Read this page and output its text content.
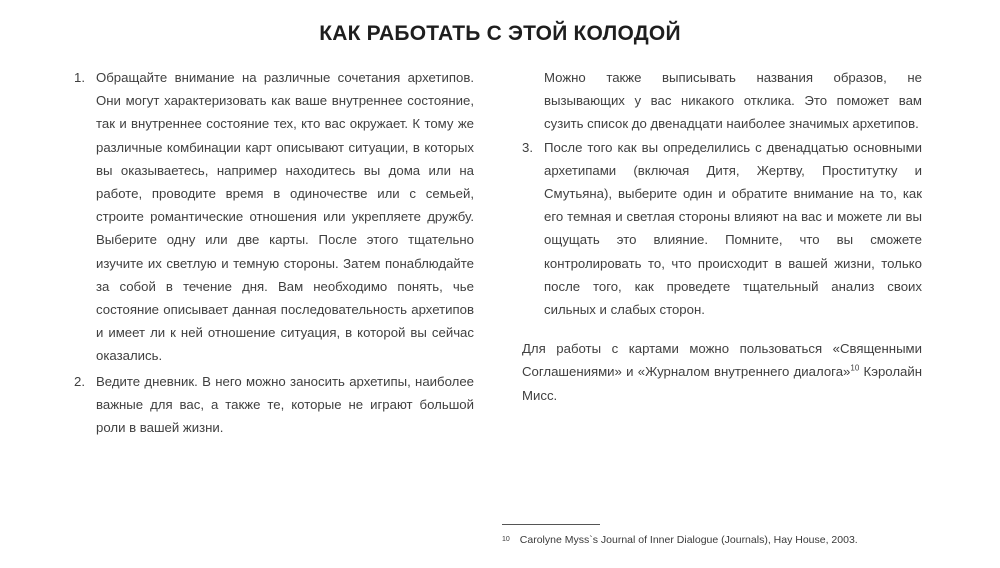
КАК РАБОТАТЬ С ЭТОЙ КОЛОДОЙ
1. Обращайте внимание на различные сочетания архетипов. Они могут характеризовать как ваше внутреннее состояние, так и внутреннее состояние тех, кто вас окружает. К тому же различные комбинации карт описывают ситуации, в которых вы оказываетесь, например находитесь вы дома или на работе, проводите время в одиночестве или с семьей, строите романтические отношения или укрепляете дружбу. Выберите одну или две карты. После этого тщательно изучите их светлую и темную стороны. Затем понаблюдайте за собой в течение дня. Вам необходимо понять, чье состояние описывает данная последовательность архетипов и имеет ли к ней отношение ситуация, в которой вы сейчас оказались.
2. Ведите дневник. В него можно заносить архетипы, наиболее важные для вас, а также те, которые не играют большой роли в вашей жизни.
Можно также выписывать названия образов, не вызывающих у вас никакого отклика. Это поможет вам сузить список до двенадцати наиболее значимых архетипов.
3. После того как вы определились с двенадцатью основными архетипами (включая Дитя, Жертву, Проститутку и Смутьяна), выберите один и обратите внимание на то, как его темная и светлая стороны влияют на вас и можете ли вы ощущать это влияние. Помните, что вы сможете контролировать то, что происходит в вашей жизни, только после того, как проведете тщательный анализ своих сильных и слабых сторон.
Для работы с картами можно пользоваться «Священными Соглашениями» и «Журналом внутреннего диалога»$^{10}$ Кэролайн Мисс.
$^{10}$ Carolyne Myss`s Journal of Inner Dialogue (Journals), Hay House, 2003.
